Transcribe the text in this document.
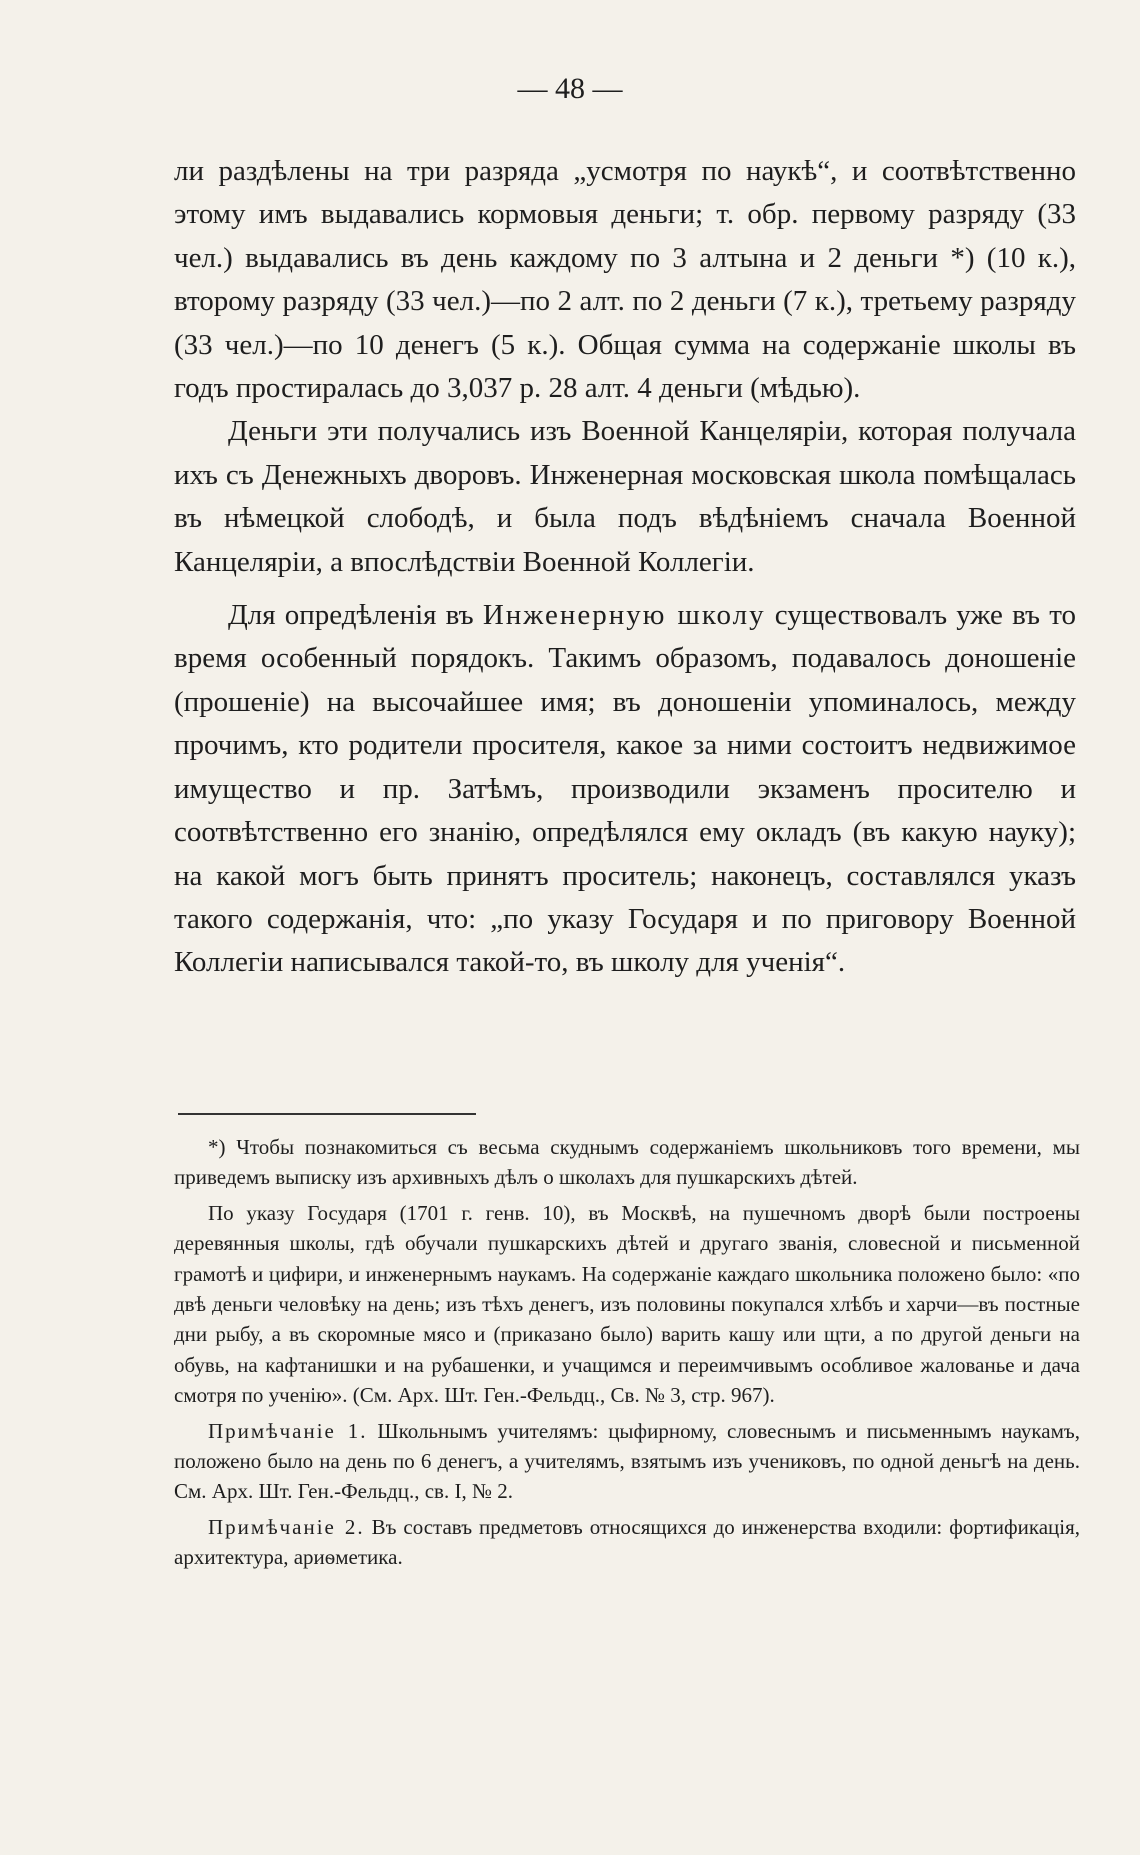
— 48 —

ли раздѣлены на три разряда „усмотря по наукѣ“, и соотвѣтственно этому имъ выдавались кормовыя деньги; т. обр. первому разряду (33 чел.) выдавались въ день каждому по 3 алтына и 2 деньги *) (10 к.), второму разряду (33 чел.)—по 2 алт. по 2 деньги (7 к.), третьему разряду (33 чел.)—по 10 денегъ (5 к.). Общая сумма на содержаніе школы въ годъ простиралась до 3,037 р. 28 алт. 4 деньги (мѣдью).

Деньги эти получались изъ Военной Канцеляріи, которая получала ихъ съ Денежныхъ дворовъ. Инженерная московская школа помѣщалась въ нѣмецкой слободѣ, и была подъ вѣдѣніемъ сначала Военной Канцеляріи, а впослѣдствіи Военной Коллегіи.

Для опредѣленія въ Инженерную школу существовалъ уже въ то время особенный порядокъ. Такимъ образомъ, подавалось доношеніе (прошеніе) на высочайшее имя; въ доношеніи упоминалось, между прочимъ, кто родители просителя, какое за ними состоитъ недвижимое имущество и пр. Затѣмъ, производили экзаменъ просителю и соотвѣтственно его знанію, опредѣлялся ему окладъ (въ какую науку); на какой могъ быть принятъ проситель; наконецъ, составлялся указъ такого содержанія, что: „по указу Государя и по приговору Военной Коллегіи написывался такой-то, въ школу для ученія“.

*) Чтобы познакомиться съ весьма скуднымъ содержаніемъ школьниковъ того времени, мы приведемъ выписку изъ архивныхъ дѣлъ о школахъ для пушкарскихъ дѣтей.

По указу Государя (1701 г. генв. 10), въ Москвѣ, на пушечномъ дворѣ были построены деревянныя школы, гдѣ обучали пушкарскихъ дѣтей и другаго званія, словесной и письменной грамотѣ и цифири, и инженернымъ наукамъ. На содержаніе каждаго школьника положено было: «по двѣ деньги человѣку на день; изъ тѣхъ денегъ, изъ половины покупался хлѣбъ и харчи—въ постные дни рыбу, а въ скоромные мясо и (приказано было) варить кашу или щти, а по другой деньги на обувь, на кафтанишки и на рубашенки, и учащимся и переимчивымъ особливое жалованье и дача смотря по ученію». (См. Арх. Шт. Ген.-Фельдц., Св. № 3, стр. 967).

Примѣчаніе 1. Школьнымъ учителямъ: цыфирному, словеснымъ и письменнымъ наукамъ, положено было на день по 6 денегъ, а учителямъ, взятымъ изъ учениковъ, по одной деньгѣ на день. См. Арх. Шт. Ген.-Фельдц., св. I, № 2.

Примѣчаніе 2. Въ составъ предметовъ относящихся до инженерства входили: фортификація, архитектура, ариѳметика.
